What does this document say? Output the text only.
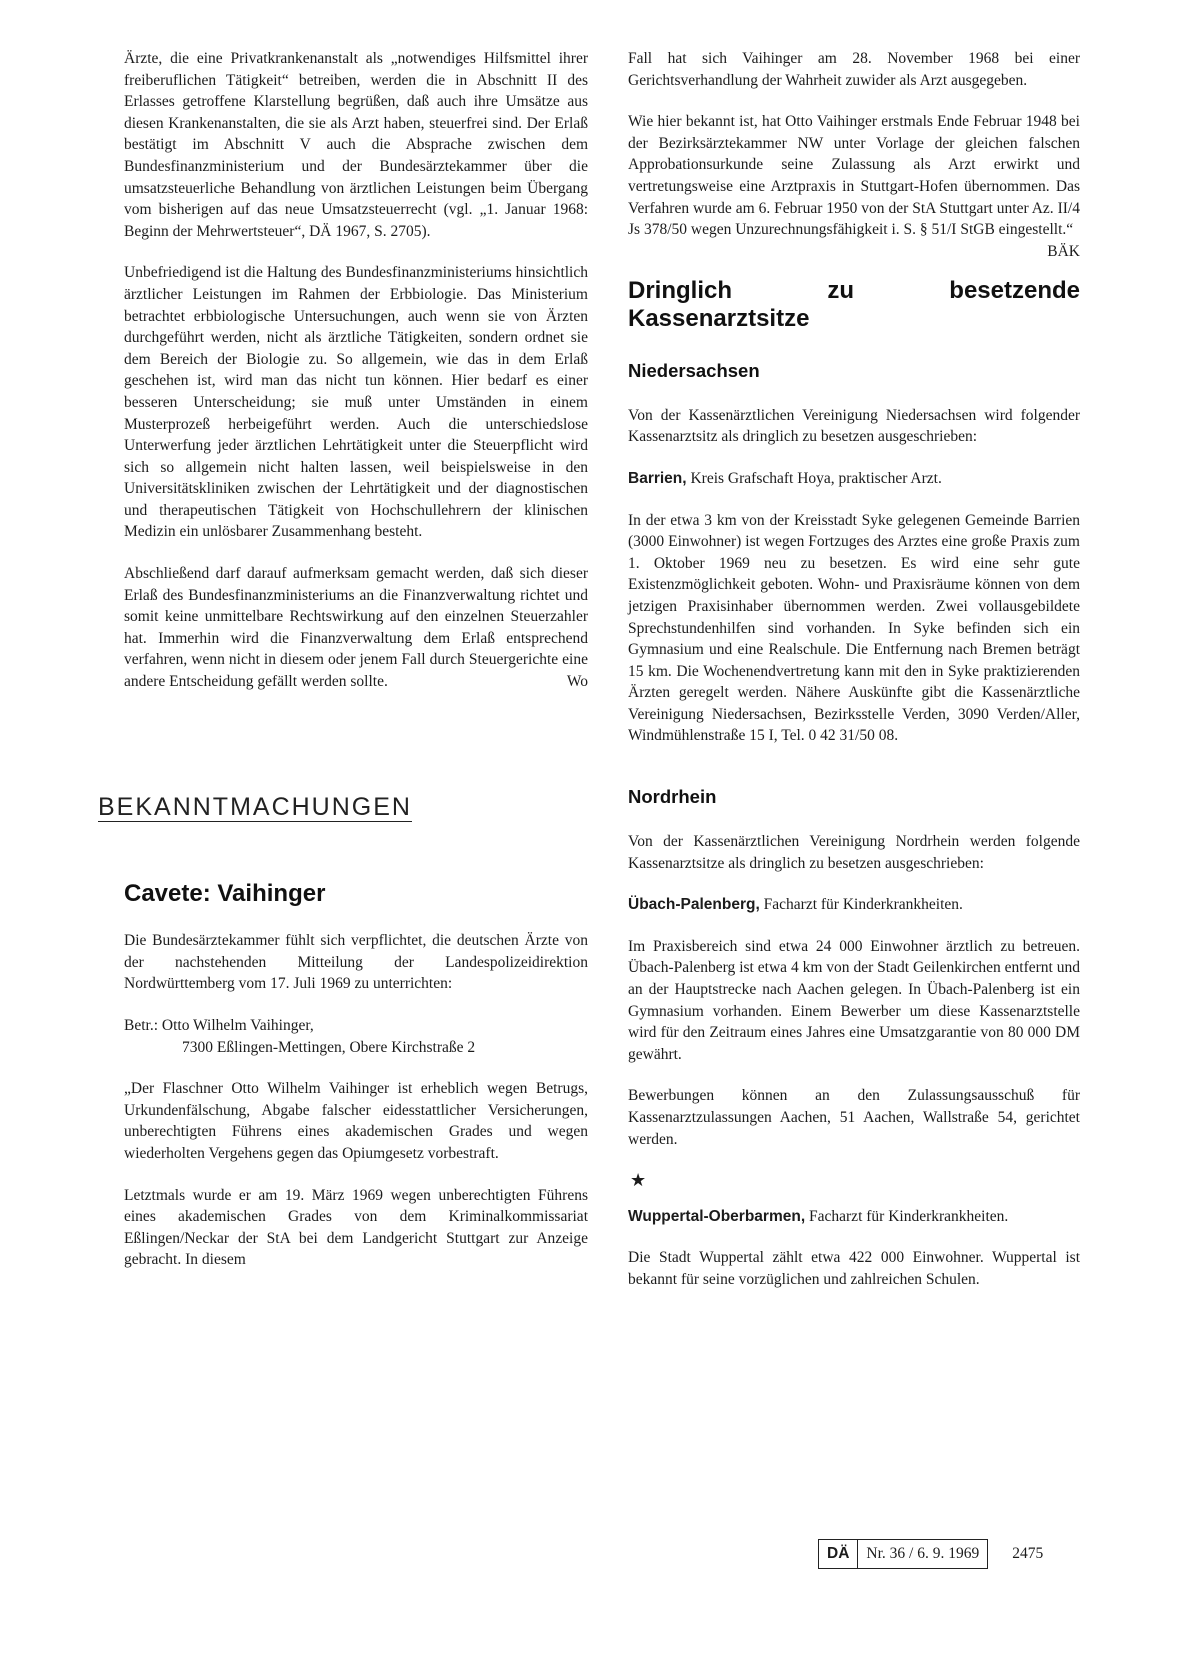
Ärzte, die eine Privatkrankenanstalt als „notwendiges Hilfsmittel ihrer freiberuflichen Tätigkeit“ betreiben, werden die in Abschnitt II des Erlasses getroffene Klarstellung begrüßen, daß auch ihre Umsätze aus diesen Krankenanstalten, die sie als Arzt haben, steuerfrei sind. Der Erlaß bestätigt im Abschnitt V auch die Absprache zwischen dem Bundesfinanzministerium und der Bundesärztekammer über die umsatzsteuerliche Behandlung von ärztlichen Leistungen beim Übergang vom bisherigen auf das neue Umsatzsteuerrecht (vgl. „1. Januar 1968: Beginn der Mehrwertsteuer“, DÄ 1967, S. 2705).

Unbefriedigend ist die Haltung des Bundesfinanzministeriums hinsichtlich ärztlicher Leistungen im Rahmen der Erbbiologie. Das Ministerium betrachtet erbbiologische Untersuchungen, auch wenn sie von Ärzten durchgeführt werden, nicht als ärztliche Tätigkeiten, sondern ordnet sie dem Bereich der Biologie zu. So allgemein, wie das in dem Erlaß geschehen ist, wird man das nicht tun können. Hier bedarf es einer besseren Unterscheidung; sie muß unter Umständen in einem Musterprozeß herbeigeführt werden. Auch die unterschiedslose Unterwerfung jeder ärztlichen Lehrtätigkeit unter die Steuerpflicht wird sich so allgemein nicht halten lassen, weil beispielsweise in den Universitätskliniken zwischen der Lehrtätigkeit und der diagnostischen und therapeutischen Tätigkeit von Hochschullehrern der klinischen Medizin ein unlösbarer Zusammenhang besteht.

Abschließend darf darauf aufmerksam gemacht werden, daß sich dieser Erlaß des Bundesfinanzministeriums an die Finanzverwaltung richtet und somit keine unmittelbare Rechtswirkung auf den einzelnen Steuerzahler hat. Immerhin wird die Finanzverwaltung dem Erlaß entsprechend verfahren, wenn nicht in diesem oder jenem Fall durch Steuergerichte eine andere Entscheidung gefällt werden sollte.	Wo

BEKANNTMACHUNGEN
Cavete: Vaihinger

Die Bundesärztekammer fühlt sich verpflichtet, die deutschen Ärzte von der nachstehenden Mitteilung der Landespolizeidirektion Nordwürttemberg vom 17. Juli 1969 zu unterrichten:

Betr.: Otto Wilhelm Vaihinger,
7300 Eßlingen-Mettingen, Obere Kirchstraße 2

„Der Flaschner Otto Wilhelm Vaihinger ist erheblich wegen Betrugs, Urkundenfälschung, Abgabe falscher eidesstattlicher Versicherungen, unberechtigten Führens eines akademischen Grades und wegen wiederholten Vergehens gegen das Opiumgesetz vorbestraft.

Letztmals wurde er am 19. März 1969 wegen unberechtigten Führens eines akademischen Grades von dem Kriminalkommissariat Eßlingen/Neckar der StA bei dem Landgericht Stuttgart zur Anzeige gebracht. In diesem

Fall hat sich Vaihinger am 28. November 1968 bei einer Gerichtsverhandlung der Wahrheit zuwider als Arzt ausgegeben.

Wie hier bekannt ist, hat Otto Vaihinger erstmals Ende Februar 1948 bei der Bezirksärztekammer NW unter Vorlage der gleichen falschen Approbationsurkunde seine Zulassung als Arzt erwirkt und vertretungsweise eine Arztpraxis in Stuttgart-Hofen übernommen. Das Verfahren wurde am 6. Februar 1950 von der StA Stuttgart unter Az. II/4 Js 378/50 wegen Unzurechnungsfähigkeit i. S. § 51/I StGB eingestellt.“
BÄK

Dringlich zu besetzende Kassenarztsitze
Niedersachsen

Von der Kassenärztlichen Vereinigung Niedersachsen wird folgender Kassenarztsitz als dringlich zu besetzen ausgeschrieben:

Barrien, Kreis Grafschaft Hoya, praktischer Arzt.

In der etwa 3 km von der Kreisstadt Syke gelegenen Gemeinde Barrien (3000 Einwohner) ist wegen Fortzuges des Arztes eine große Praxis zum 1. Oktober 1969 neu zu besetzen. Es wird eine sehr gute Existenzmöglichkeit geboten. Wohn- und Praxisräume können von dem jetzigen Praxisinhaber übernommen werden. Zwei vollausgebildete Sprechstundenhilfen sind vorhanden. In Syke befinden sich ein Gymnasium und eine Realschule. Die Entfernung nach Bremen beträgt 15 km. Die Wochenendvertretung kann mit den in Syke praktizierenden Ärzten geregelt werden. Nähere Auskünfte gibt die Kassenärztliche Vereinigung Niedersachsen, Bezirksstelle Verden, 3090 Verden/Aller, Windmühlenstraße 15 I, Tel. 0 42 31/50 08.

Nordrhein

Von der Kassenärztlichen Vereinigung Nordrhein werden folgende Kassenarztsitze als dringlich zu besetzen ausgeschrieben:

Übach-Palenberg, Facharzt für Kinderkrankheiten.

Im Praxisbereich sind etwa 24 000 Einwohner ärztlich zu betreuen. Übach-Palenberg ist etwa 4 km von der Stadt Geilenkirchen entfernt und an der Hauptstrecke nach Aachen gelegen. In Übach-Palenberg ist ein Gymnasium vorhanden. Einem Bewerber um diese Kassenarztstelle wird für den Zeitraum eines Jahres eine Umsatzgarantie von 80 000 DM gewährt.

Bewerbungen können an den Zulassungsausschuß für Kassenarztzulassungen Aachen, 51 Aachen, Wallstraße 54, gerichtet werden.

★

Wuppertal-Oberbarmen, Facharzt für Kinderkrankheiten.

Die Stadt Wuppertal zählt etwa 422 000 Einwohner. Wuppertal ist bekannt für seine vorzüglichen und zahlreichen Schulen.

DÄ	Nr. 36 / 6. 9. 1969	2475
